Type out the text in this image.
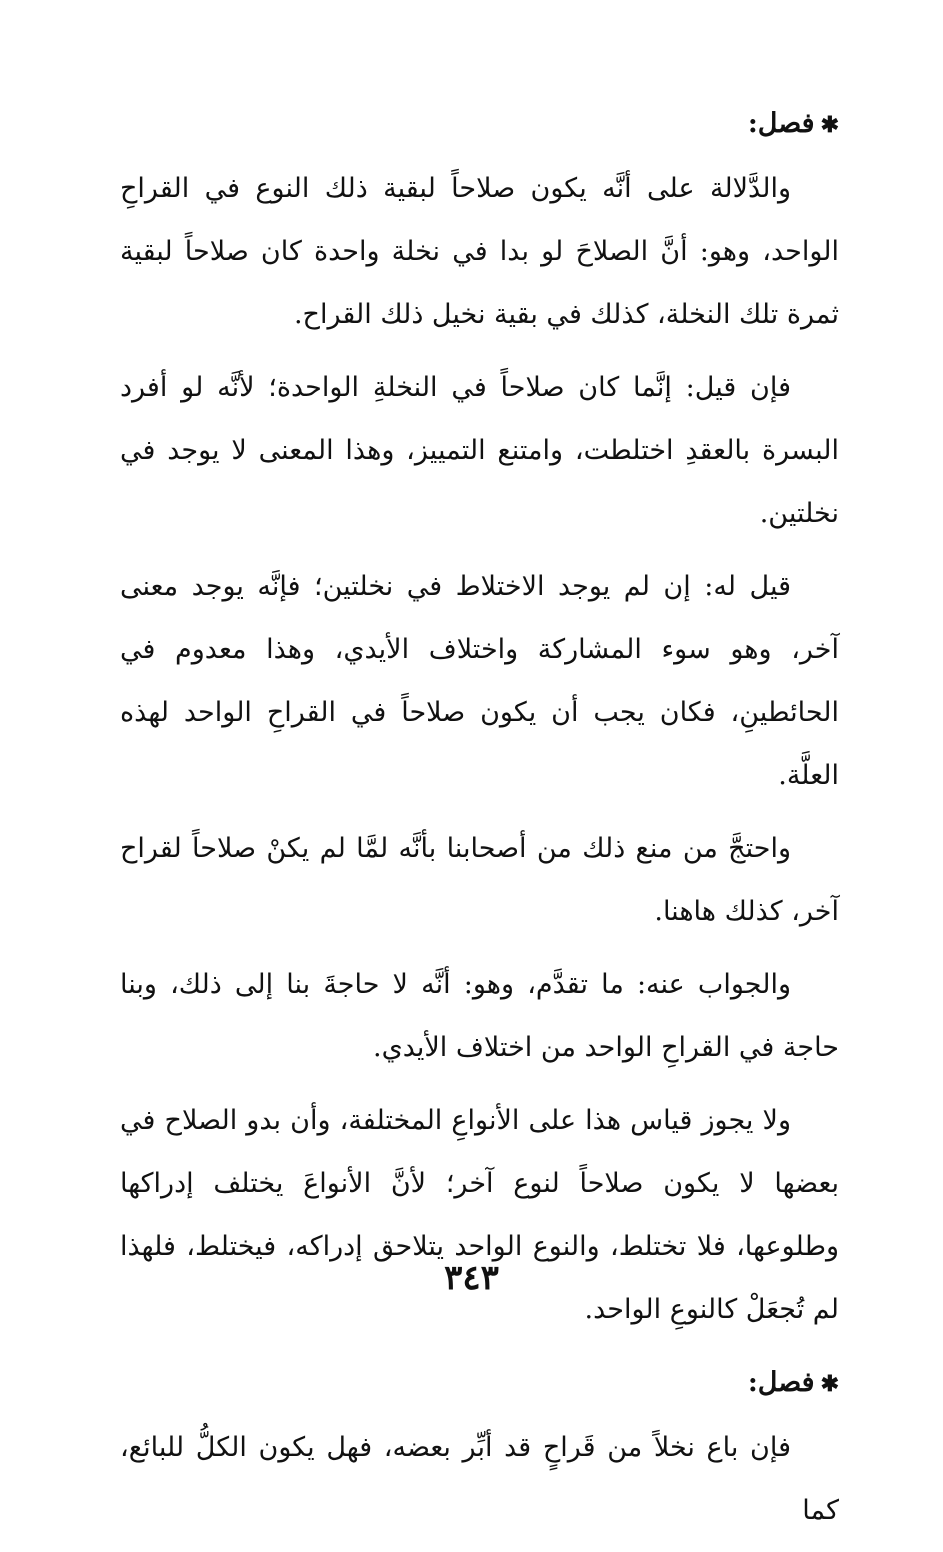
✱فصل:

والدَّلالة على أنَّه يكون صلاحاً لبقية ذلك النوع في القراحِ الواحد، وهو: أنَّ الصلاحَ لو بدا في نخلة واحدة كان صلاحاً لبقية ثمرة تلك النخلة، كذلك في بقية نخيل ذلك القراح.

فإن قيل: إنَّما كان صلاحاً في النخلةِ الواحدة؛ لأنَّه لو أفرد البسرة بالعقدِ اختلطت، وامتنع التمييز، وهذا المعنى لا يوجد في نخلتين.

قيل له: إن لم يوجد الاختلاط في نخلتين؛ فإنَّه يوجد معنى آخر، وهو سوء المشاركة واختلاف الأيدي، وهذا معدوم في الحائطينِ، فكان يجب أن يكون صلاحاً في القراحِ الواحد لهذه العلَّة.

واحتجَّ من منع ذلك من أصحابنا بأنَّه لمَّا لم يكنْ صلاحاً لقراح آخر، كذلك هاهنا.

والجواب عنه: ما تقدَّم، وهو: أنَّه لا حاجةَ بنا إلى ذلك، وبنا حاجة في القراحِ الواحد من اختلاف الأيدي.

ولا يجوز قياس هذا على الأنواعِ المختلفة، وأن بدو الصلاح في بعضها لا يكون صلاحاً لنوع آخر؛ لأنَّ الأنواعَ يختلف إدراكها وطلوعها، فلا تختلط، والنوع الواحد يتلاحق إدراكه، فيختلط، فلهذا لم تُجعَلْ كالنوعِ الواحد.

✱فصل:

فإن باع نخلاً من قَراحٍ قد أبِّر بعضه، فهل يكون الكلُّ للبائع، كما

٣٤٣
